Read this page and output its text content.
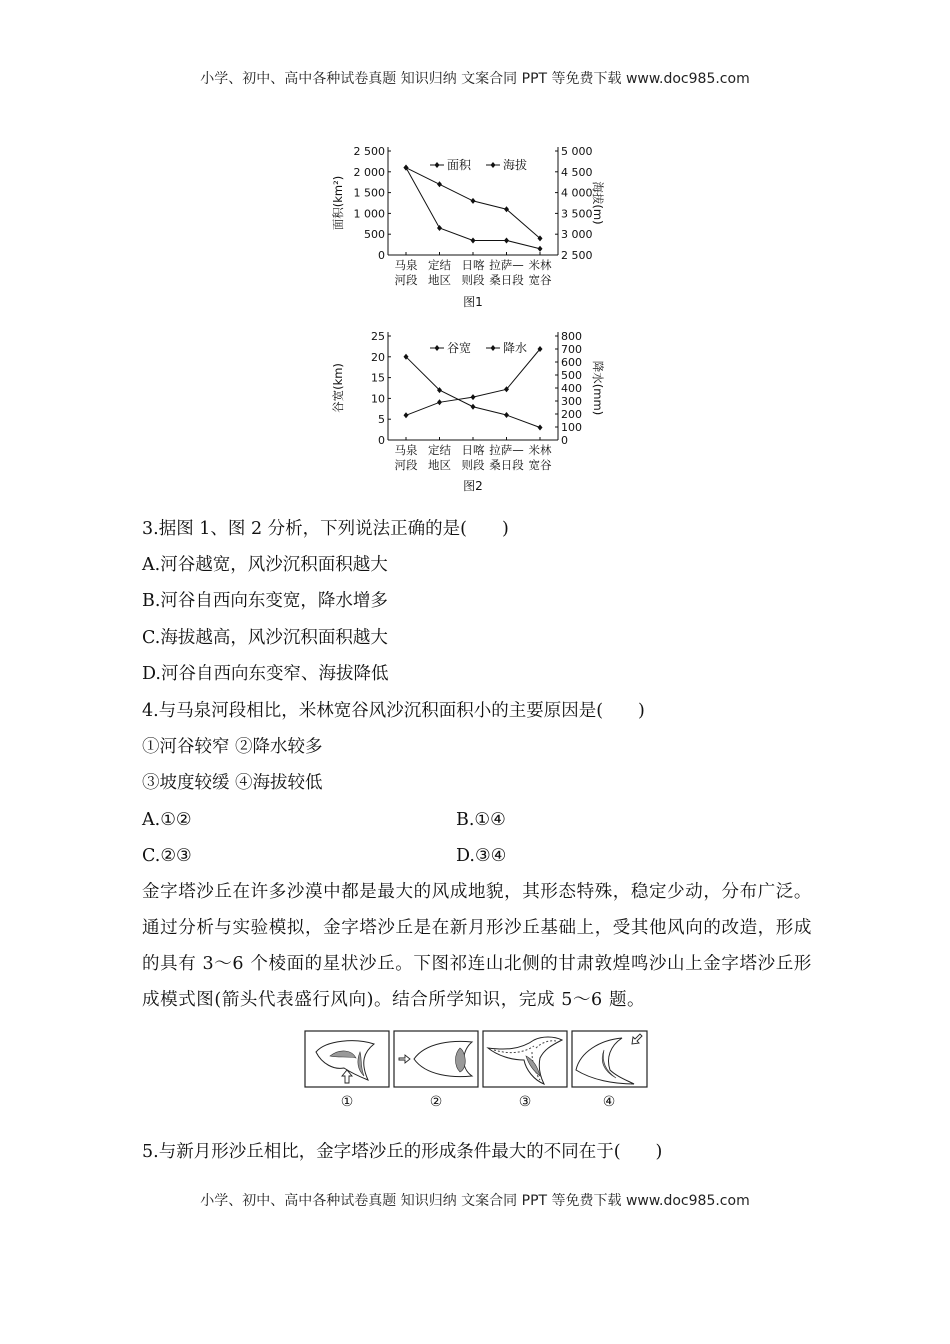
小学、初中、高中各种试卷真题 知识归纳 文案合同 PPT 等免费下载 www.doc985.com
0
500
1 000
1 500
2 000
2 500
2 500
3 000
3 500
4 000
4 500
5 000
马泉
河段
定结
地区
日喀
则段
拉萨—
桑日段
米林
宽谷
面积(km²)	海拔(m)
面积	海拔
图1
0
5
10
15
20
25
0
100
200
300
400
500
600
700
800
马泉
河段
定结
地区
日喀
则段
拉萨—
桑日段
米林
宽谷
谷宽(km)	降水(mm)
谷宽	降水
图2
3.据图 1、图 2 分析，下列说法正确的是(　　)
A.河谷越宽，风沙沉积面积越大
B.河谷自西向东变宽，降水增多
C.海拔越高，风沙沉积面积越大
D.河谷自西向东变窄、海拔降低
4.与马泉河段相比，米林宽谷风沙沉积面积小的主要原因是(　　)
①河谷较窄 ②降水较多
③坡度较缓 ④海拔较低
A.①②	B.①④
C.②③	D.③④
金字塔沙丘在许多沙漠中都是最大的风成地貌，其形态特殊，稳定少动，分布广泛。通过分析与实验模拟，金字塔沙丘是在新月形沙丘基础上，受其他风向的改造，形成的具有 3～6 个棱面的星状沙丘。下图祁连山北侧的甘肃敦煌鸣沙山上金字塔沙丘形成模式图(箭头代表盛行风向)。结合所学知识，完成 5～6 题。
①	②	③	④
5.与新月形沙丘相比，金字塔沙丘的形成条件最大的不同在于(　　)
小学、初中、高中各种试卷真题 知识归纳 文案合同 PPT 等免费下载 www.doc985.com
